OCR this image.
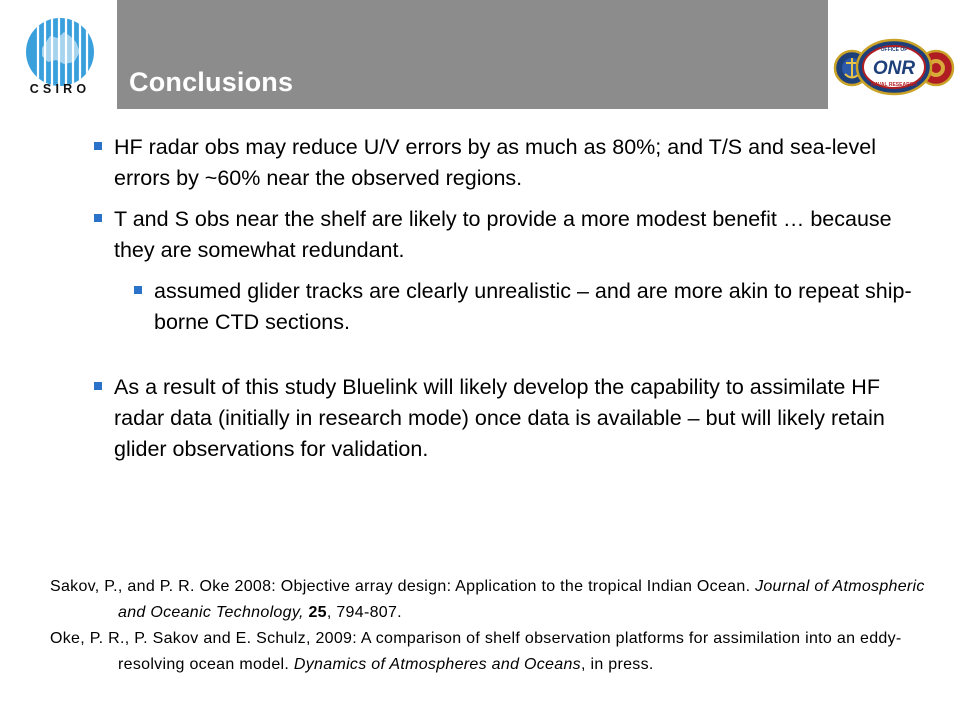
CSIRO	Conclusions
OFFICE OF
ONR
NAVAL RESEARCH
HF radar obs may reduce U/V errors by as much as 80%; and T/S and sea-level errors by ~60% near the observed regions.
T and S obs near the shelf are likely to provide a more modest benefit … because they are somewhat redundant.
assumed glider tracks are clearly unrealistic – and are more akin to repeat ship-borne CTD sections.
As a result of this study Bluelink will likely develop the capability to assimilate HF radar data (initially in research mode) once data is available – but will likely retain glider observations for validation.
Sakov, P., and P. R. Oke 2008: Objective array design: Application to the tropical Indian Ocean. Journal of Atmospheric and Oceanic Technology, 25, 794-807.
Oke, P. R., P. Sakov and E. Schulz, 2009: A comparison of shelf observation platforms for assimilation into an eddy-resolving ocean model. Dynamics of Atmospheres and Oceans, in press.
